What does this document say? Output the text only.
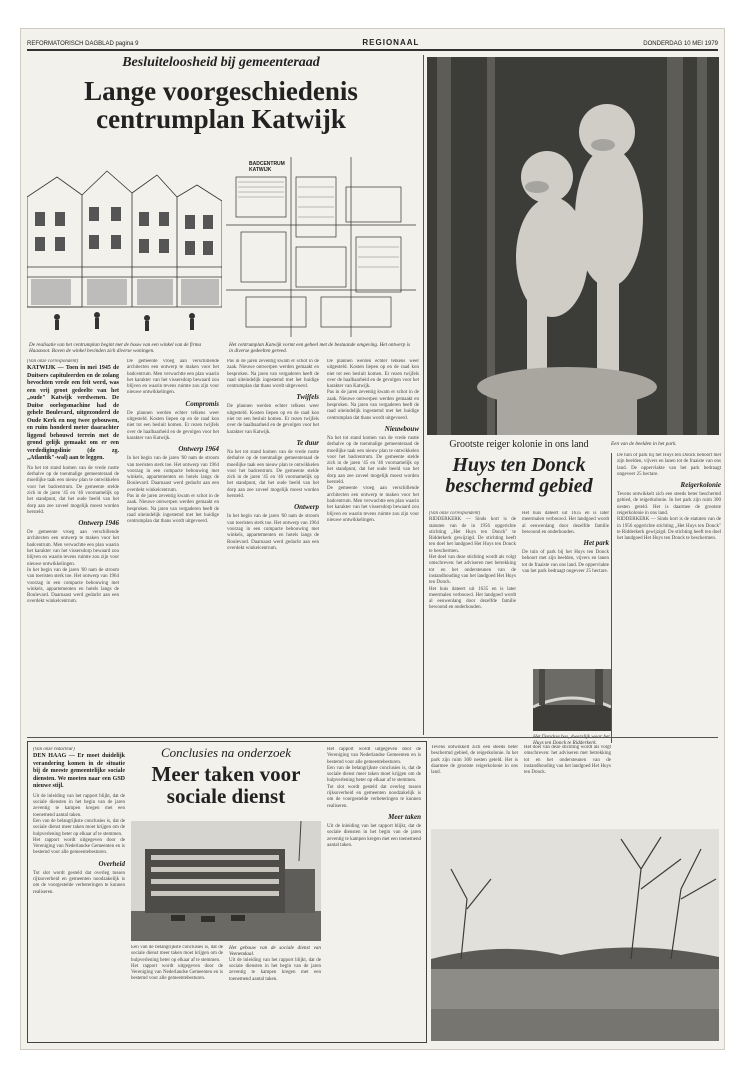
REFORMATORISCH DAGBLAD pagina 9	REGIONAAL	DONDERDAG 10 MEI 1979
Besluiteloosheid bij gemeenteraad
Lange voorgeschiedenis
centrumplan Katwijk
BADCENTRUM KATWIJK
De realisatie van het centrumplan begint met de bouw van een winkel van de firma Haasnoot. Boven de winkel bevinden zich diverse woningen.
Het centrumplan Katwijk vormt een geheel met de bestaande omgeving. Het ontwerp is in diverse gedeelten gereed.
(Van onze correspondent)
KATWIJK — Toen in mei 1945 de Duitsers capituleerden en de zolang bevochten vrede een feit werd, was een vrij groot gedeelte van het „oude" Katwijk verdwenen. De Duitse oorlogsmachine had de gehele Boulevard, uitgezonderd de Oude Kerk en nog twee gebouwen, en ruim honderd meter daarachter liggend behouwd terrein met de grond gelijk gemaakt om er een verdedigingslinie (de zg. „Atlantik"-wal) aan te leggen.
Na het tot stand komen van de vrede rustte derhalve op de toenmalige gemeenteraad de moeilijke taak een nieuw plan te ontwikkelen voor het badcentrum. De gemeente stelde zich in de jaren '45 en '46 voornamelijk op het standpunt, dat het oude beeld van het dorp aan zee zoveel mogelijk moest worden hersteld.
Ontwerp 1946
De gemeente vroeg aan verschillende architecten een ontwerp te maken voor het badcentrum. Men verwachtte een plan waarin het karakter van het vissersdorp bewaard zou blijven en waarin tevens ruimte zou zijn voor nieuwe ontwikkelingen.
In het begin van de jaren '60 nam de stroom van toeristen sterk toe. Het ontwerp van 1964 voorzag in een compacte bebouwing met winkels, appartementen en hotels langs de Boulevard. Daarnaast werd gedacht aan een overdekt winkelcentrum.
De gemeente vroeg aan verschillende architecten een ontwerp te maken voor het badcentrum. Men verwachtte een plan waarin het karakter van het vissersdorp bewaard zou blijven en waarin tevens ruimte zou zijn voor nieuwe ontwikkelingen.
Compromis
De plannen werden echter telkens weer uitgesteld. Kosten liepen op en de raad kon niet tot een besluit komen. Er rezen twijfels over de haalbaarheid en de gevolgen voor het karakter van Katwijk.
Ontwerp 1964
In het begin van de jaren '60 nam de stroom van toeristen sterk toe. Het ontwerp van 1964 voorzag in een compacte bebouwing met winkels, appartementen en hotels langs de Boulevard. Daarnaast werd gedacht aan een overdekt winkelcentrum.
Pas in de jaren zeventig kwam er schot in de zaak. Nieuwe ontwerpen werden gemaakt en besproken. Na jaren van vergaderen heeft de raad uiteindelijk ingestemd met het huidige centrumplan dat thans wordt uitgevoerd.
Pas in de jaren zeventig kwam er schot in de zaak. Nieuwe ontwerpen werden gemaakt en besproken. Na jaren van vergaderen heeft de raad uiteindelijk ingestemd met het huidige centrumplan dat thans wordt uitgevoerd.
Twijfels
De plannen werden echter telkens weer uitgesteld. Kosten liepen op en de raad kon niet tot een besluit komen. Er rezen twijfels over de haalbaarheid en de gevolgen voor het karakter van Katwijk.
Te duur
Na het tot stand komen van de vrede rustte derhalve op de toenmalige gemeenteraad de moeilijke taak een nieuw plan te ontwikkelen voor het badcentrum. De gemeente stelde zich in de jaren '45 en '46 voornamelijk op het standpunt, dat het oude beeld van het dorp aan zee zoveel mogelijk moest worden hersteld.
Ontwerp
In het begin van de jaren '60 nam de stroom van toeristen sterk toe. Het ontwerp van 1964 voorzag in een compacte bebouwing met winkels, appartementen en hotels langs de Boulevard. Daarnaast werd gedacht aan een overdekt winkelcentrum.
De plannen werden echter telkens weer uitgesteld. Kosten liepen op en de raad kon niet tot een besluit komen. Er rezen twijfels over de haalbaarheid en de gevolgen voor het karakter van Katwijk.
Pas in de jaren zeventig kwam er schot in de zaak. Nieuwe ontwerpen werden gemaakt en besproken. Na jaren van vergaderen heeft de raad uiteindelijk ingestemd met het huidige centrumplan dat thans wordt uitgevoerd.
Nieuwbouw
Na het tot stand komen van de vrede rustte derhalve op de toenmalige gemeenteraad de moeilijke taak een nieuw plan te ontwikkelen voor het badcentrum. De gemeente stelde zich in de jaren '45 en '46 voornamelijk op het standpunt, dat het oude beeld van het dorp aan zee zoveel mogelijk moest worden hersteld.
De gemeente vroeg aan verschillende architecten een ontwerp te maken voor het badcentrum. Men verwachtte een plan waarin het karakter van het vissersdorp bewaard zou blijven en waarin tevens ruimte zou zijn voor nieuwe ontwikkelingen.
Een van de beelden in het park.
Grootste reiger kolonie in ons land
Huys ten Donck
beschermd gebied
(Van onze correspondent)
RIDDERKERK — Sinds kort is de statuten van de in 1956 opgerichte stichting „Het Huys ten Donck" te Ridderkerk gewijzigd. De stichting heeft ten doel het landgoed Het Huys ten Donck te beschermen.
Het doel van deze stichting wordt als volgt omschreven: het adviseren met betrekking tot en het ondersteunen van de instandhouding van het landgoed Het Huys ten Donck.
Het huis dateert uit 1635 en is later meermalen verbouwd. Het landgoed wordt al eeuwenlang door dezelfde familie bewoond en onderhouden.
Het huis dateert uit 1635 en is later meermalen verbouwd. Het landgoed wordt al eeuwenlang door dezelfde familie bewoond en onderhouden.
Het park
De tuin of park bij het Huys ten Donck behoort met zijn beelden, vijvers en lanen tot de fraaiste van ons land. De oppervlakte van het park bedraagt ongeveer 25 hectare.
De tuin of park bij het Huys ten Donck behoort met zijn beelden, vijvers en lanen tot de fraaiste van ons land. De oppervlakte van het park bedraagt ongeveer 25 hectare.
Reigerkolonie
Tevens ontwikkelt zich een steeds beter beschermd gebied, de reigerkolonie. In het park zijn ruim 300 nesten geteld. Het is daarmee de grootste reigerkolonie in ons land.
RIDDERKERK — Sinds kort is de statuten van de in 1956 opgerichte stichting „Het Huys ten Donck" te Ridderkerk gewijzigd. De stichting heeft ten doel het landgoed Het Huys ten Donck te beschermen.
Huys ten Donck te Ridderkerk.
(Van onze redacteur)
DEN HAAG — Er moet duidelijk verandering komen in de situatie bij de meeste gemeentelijke sociale diensten. We moeten naar een GSD nieuwe stijl.
Uit de inleiding van het rapport blijkt, dat de sociale diensten in het begin van de jaren zeventig te kampen kregen met een toenemend aantal taken.
Een van de belangrijkste conclusies is, dat de sociale dienst meer taken moet krijgen om de hulpverlening beter op elkaar af te stemmen.
Het rapport wordt uitgegeven door de Vereniging van Nederlandse Gemeenten en is bestemd voor alle gemeentebesturen.
Overheid
Tot slot wordt gesteld dat overleg tussen rijksoverheid en gemeenten noodzakelijk is om de voorgestelde verbeteringen te kunnen realiseren.
Conclusies na onderzoek
Meer taken voor
sociale dienst
Een van de belangrijkste conclusies is, dat de sociale dienst meer taken moet krijgen om de hulpverlening beter op elkaar af te stemmen.
Het rapport wordt uitgegeven door de Vereniging van Nederlandse Gemeenten en is bestemd voor alle gemeentebesturen.
Het gebouw van de sociale dienst van Veenendaal.
Uit de inleiding van het rapport blijkt, dat de sociale diensten in het begin van de jaren zeventig te kampen kregen met een toenemend aantal taken.
Het rapport wordt uitgegeven door de Vereniging van Nederlandse Gemeenten en is bestemd voor alle gemeentebesturen.
Een van de belangrijkste conclusies is, dat de sociale dienst meer taken moet krijgen om de hulpverlening beter op elkaar af te stemmen.
Tot slot wordt gesteld dat overleg tussen rijksoverheid en gemeenten noodzakelijk is om de voorgestelde verbeteringen te kunnen realiseren.
Meer taken
Uit de inleiding van het rapport blijkt, dat de sociale diensten in het begin van de jaren zeventig te kampen kregen met een toenemend aantal taken.
Tevens ontwikkelt zich een steeds beter beschermd gebied, de reigerkolonie. In het park zijn ruim 300 nesten geteld. Het is daarmee de grootste reigerkolonie in ons land.
Het doel van deze stichting wordt als volgt omschreven: het adviseren met betrekking tot en het ondersteunen van de instandhouding van het landgoed Het Huys ten Donck.
